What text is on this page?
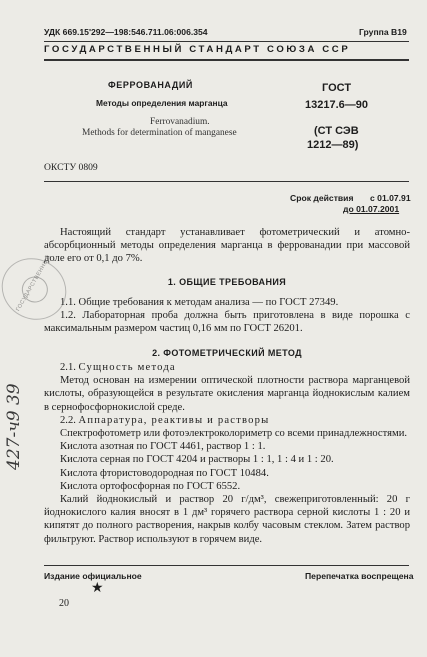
УДК 669.15'292—198:546.711.06:006.354	Группа В19
ГОСУДАРСТВЕННЫЙ СТАНДАРТ СОЮЗА ССР
ФЕРРОВАНАДИЙ
Методы определения марганца
Ferrovanadium.
Methods for determination of manganese
ГОСТ
13217.6—90
(СТ СЭВ
1212—89)
ОКСТУ 0809
Срок действия с 01.07.91
до 01.07.2001

Настоящий стандарт устанавливает фотометрический и атомно-абсорбционный методы определения марганца в феррованадии при массовой доле его от 0,1 до 7%.

1. ОБЩИЕ ТРЕБОВАНИЯ

1.1. Общие требования к методам анализа — по ГОСТ 27349.

1.2. Лабораторная проба должна быть приготовлена в виде порошка с максимальным размером частиц 0,16 мм по ГОСТ 26201.

2. ФОТОМЕТРИЧЕСКИЙ МЕТОД

2.1. Сущность метода

Метод основан на измерении оптической плотности раствора марганцевой кислоты, образующейся в результате окисления марганца йоднокислым калием в сернофосфорнокислой среде.

2.2. Аппаратура, реактивы и растворы

Спектрофотометр или фотоэлектроколориметр со всеми принадлежностями.

Кислота азотная по ГОСТ 4461, раствор 1 : 1.

Кислота серная по ГОСТ 4204 и растворы 1 : 1, 1 : 4 и 1 : 20.

Кислота фтористоводородная по ГОСТ 10484.

Кислота ортофосфорная по ГОСТ 6552.

Калий йоднокислый и раствор 20 г/дм³, свежеприготовленный: 20 г йоднокислого калия вносят в 1 дм³ горячего раствора серной кислоты 1 : 20 и кипятят до полного растворения, накрыв колбу часовым стеклом. Затем раствор фильтруют. Раствор используют в горячем виде.

Издание официальное	Перепечатка воспрещена
★
20
ГОСУДАРСТВЕННЫЙ
427-ч9 39
